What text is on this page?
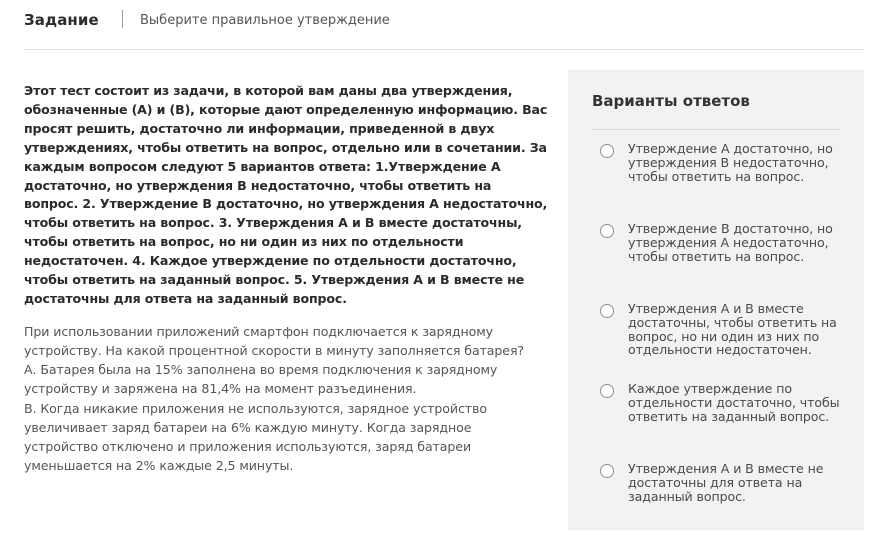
Задание	Выберите правильное утверждение

Этот тест состоит из задачи, в которой вам даны два утверждения, обозначенные (А) и (В), которые дают определенную информацию. Вас просят решить, достаточно ли информации, приведенной в двух утверждениях, чтобы ответить на вопрос, отдельно или в сочетании. За каждым вопросом следуют 5 вариантов ответа: 1.Утверждение А достаточно, но утверждения В недостаточно, чтобы ответить на вопрос. 2. Утверждение В достаточно, но утверждения А недостаточно, чтобы ответить на вопрос. 3. Утверждения А и В вместе достаточны, чтобы ответить на вопрос, но ни один из них по отдельности недостаточен. 4. Каждое утверждение по отдельности достаточно, чтобы ответить на заданный вопрос. 5. Утверждения А и В вместе не достаточны для ответа на заданный вопрос.

При использовании приложений смартфон подключается к зарядному устройству. На какой процентной скорости в минуту заполняется батарея?
А. Батарея была на 15% заполнена во время подключения к зарядному устройству и заряжена на 81,4% на момент разъединения.
В. Когда никакие приложения не используются, зарядное устройство увеличивает заряд батареи на 6% каждую минуту. Когда зарядное устройство отключено и приложения используются, заряд батареи уменьшается на 2% каждые 2,5 минуты.

Варианты ответов
Утверждение А достаточно, но утверждения В недостаточно, чтобы ответить на вопрос.
Утверждение В достаточно, но утверждения А недостаточно, чтобы ответить на вопрос.
Утверждения А и В вместе достаточны, чтобы ответить на вопрос, но ни один из них по отдельности недостаточен.
Каждое утверждение по отдельности достаточно, чтобы ответить на заданный вопрос.
Утверждения А и В вместе не достаточны для ответа на заданный вопрос.
